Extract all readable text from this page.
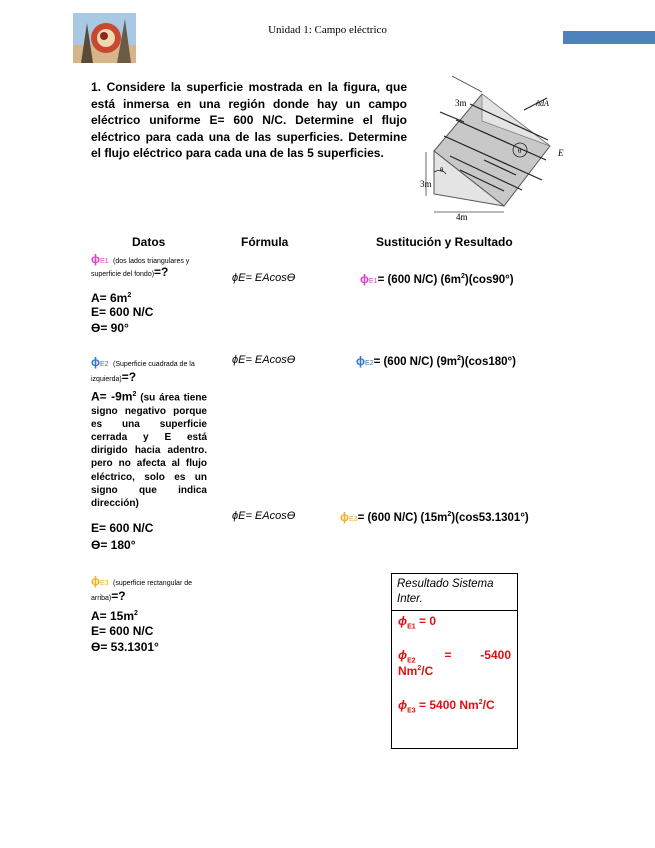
Unidad 1: Campo eléctrico
1. Considere la superficie mostrada en la figura, que está inmersa en una región donde hay un campo eléctrico uniforme E= 600 N/C. Determine el flujo eléctrico para cada una de las superficies. Determine el flujo eléctrico para cada una de las 5 superficies.
3m
3m
4m
n̂dA
E
θ
θ
Datos	Fórmula	Sustitución y Resultado
ϕE1 (dos lados triangulares y superficie del fondo)=?
$A= 6m^2$
E= 600 N/C
Ɵ= 90°
ϕE= EAcosƟ	ϕE1= (600 N/C) $(6m^2)(\cos 90^\circ)$
ϕE2 (Superficie cuadrada de la izquierda)=?
$A= -9m^2$ (su área tiene signo negativo porque es una superficie cerrada y E está dirigido hacia adentro. pero no afecta al flujo eléctrico, solo es un signo que indica dirección)
E= 600 N/C
Ɵ= 180°
ϕE= EAcosƟ	ϕE2= (600 N/C) $(9m^2)(\cos 180^\circ)$
ϕE= EAcosƟ	ϕE3= (600 N/C) $(15m^2)(\cos 53.1301^\circ)$
ϕE3 (superficie rectangular de arriba)=?
$A= 15m^2$
E= 600 N/C
Ɵ= 53.1301°
Resultado Sistema Inter.
$\phi_{E1} = 0$
$\phi_{E2} = -5400$
Nm$^2$/C
$\phi_{E3} = 5400$ Nm$^2$/C
